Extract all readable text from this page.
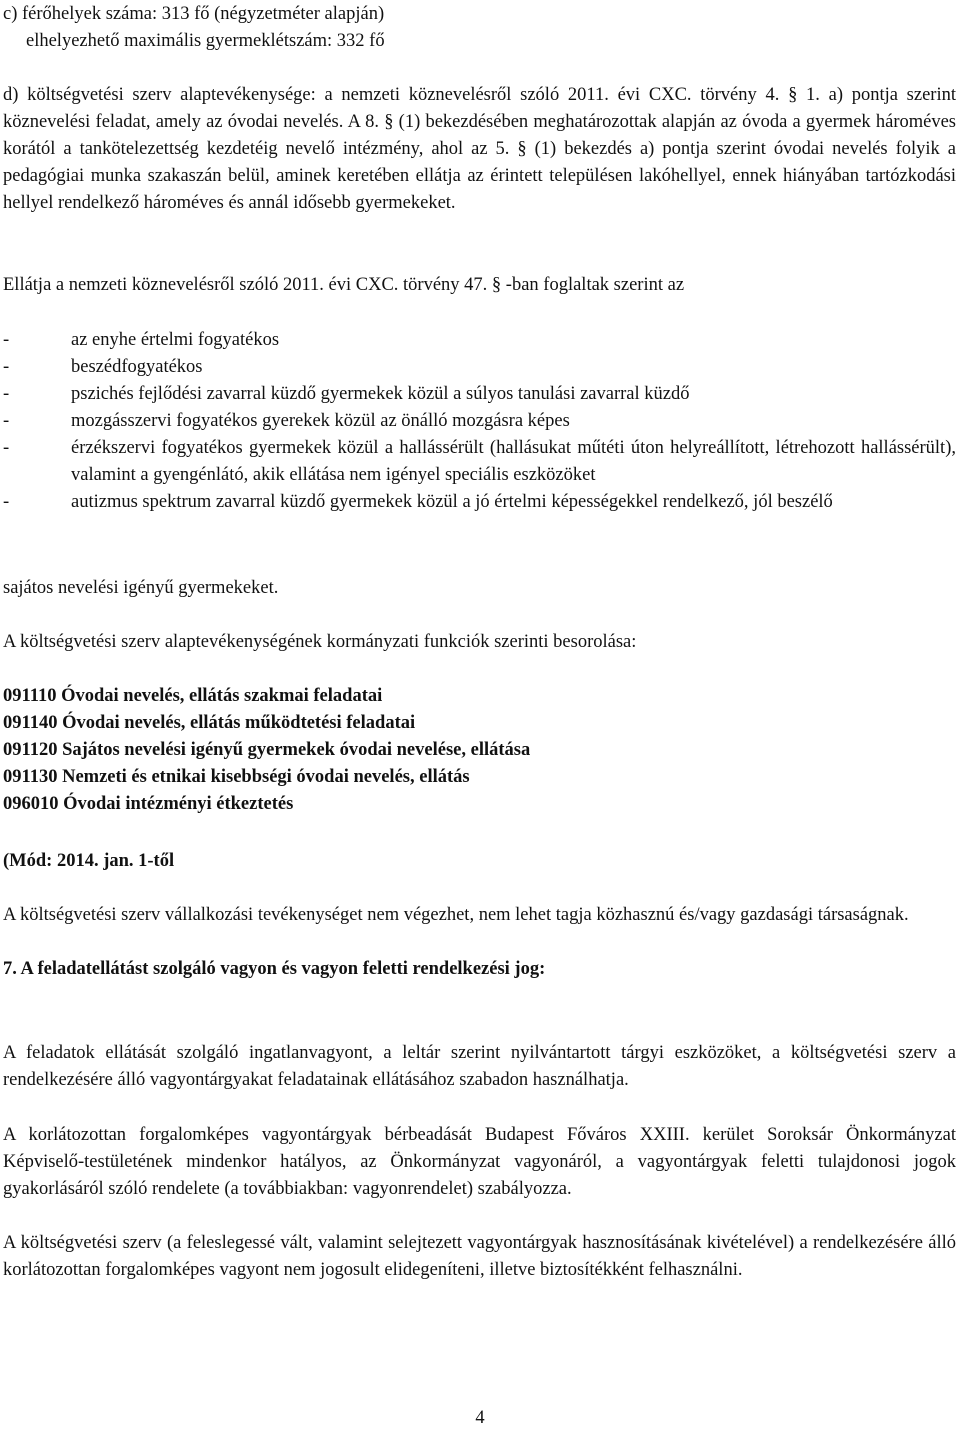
c) férőhelyek száma: 313 fő (négyzetméter alapján)

elhelyezhető maximális gyermeklétszám: 332 fő

d) költségvetési szerv alaptevékenysége: a nemzeti köznevelésről szóló 2011. évi CXC. törvény 4. § 1. a) pontja szerint köznevelési feladat, amely az óvodai nevelés. A 8. § (1) bekezdésében meghatározottak alapján az óvoda a gyermek hároméves korától a tankötelezettség kezdetéig nevelő intézmény, ahol az 5. § (1) bekezdés a) pontja szerint óvodai nevelés folyik a pedagógiai munka szakaszán belül, aminek keretében ellátja az érintett településen lakóhellyel, ennek hiányában tartózkodási hellyel rendelkező hároméves és annál idősebb gyermekeket.

Ellátja a nemzeti köznevelésről szóló 2011. évi CXC. törvény 47. § -ban foglaltak szerint az

-	az enyhe értelmi fogyatékos
-	beszédfogyatékos
-	pszichés fejlődési zavarral küzdő gyermekek közül a súlyos tanulási zavarral küzdő
-	mozgásszervi fogyatékos gyerekek közül az önálló mozgásra képes
-	érzékszervi fogyatékos gyermekek közül a hallássérült (hallásukat műtéti úton helyreállított, létrehozott hallássérült), valamint a gyengénlátó, akik ellátása nem igényel speciális eszközöket
-	autizmus spektrum zavarral küzdő gyermekek közül a jó értelmi képességekkel rendelkező, jól beszélő

sajátos nevelési igényű gyermekeket.

A költségvetési szerv alaptevékenységének kormányzati funkciók szerinti besorolása:

091110 Óvodai nevelés, ellátás szakmai feladatai
091140 Óvodai nevelés, ellátás működtetési feladatai
091120 Sajátos nevelési igényű gyermekek óvodai nevelése, ellátása
091130 Nemzeti és etnikai kisebbségi óvodai nevelés, ellátás
096010 Óvodai intézményi étkeztetés

(Mód: 2014. jan. 1-től

A költségvetési szerv vállalkozási tevékenységet nem végezhet, nem lehet tagja közhasznú és/vagy gazdasági társaságnak.

7. A feladatellátást szolgáló vagyon és vagyon feletti rendelkezési jog:

A feladatok ellátását szolgáló ingatlanvagyont, a leltár szerint nyilvántartott tárgyi eszközöket, a költségvetési szerv a rendelkezésére álló vagyontárgyakat feladatainak ellátásához szabadon használhatja.

A korlátozottan forgalomképes vagyontárgyak bérbeadását Budapest Főváros XXIII. kerület Soroksár Önkormányzat Képviselő-testületének mindenkor hatályos, az Önkormányzat vagyonáról, a vagyontárgyak feletti tulajdonosi jogok gyakorlásáról szóló rendelete (a továbbiakban: vagyonrendelet) szabályozza.

A költségvetési szerv (a feleslegessé vált, valamint selejtezett vagyontárgyak hasznosításának kivételével) a rendelkezésére álló korlátozottan forgalomképes vagyont nem jogosult elidegeníteni, illetve biztosítékként felhasználni.

4
